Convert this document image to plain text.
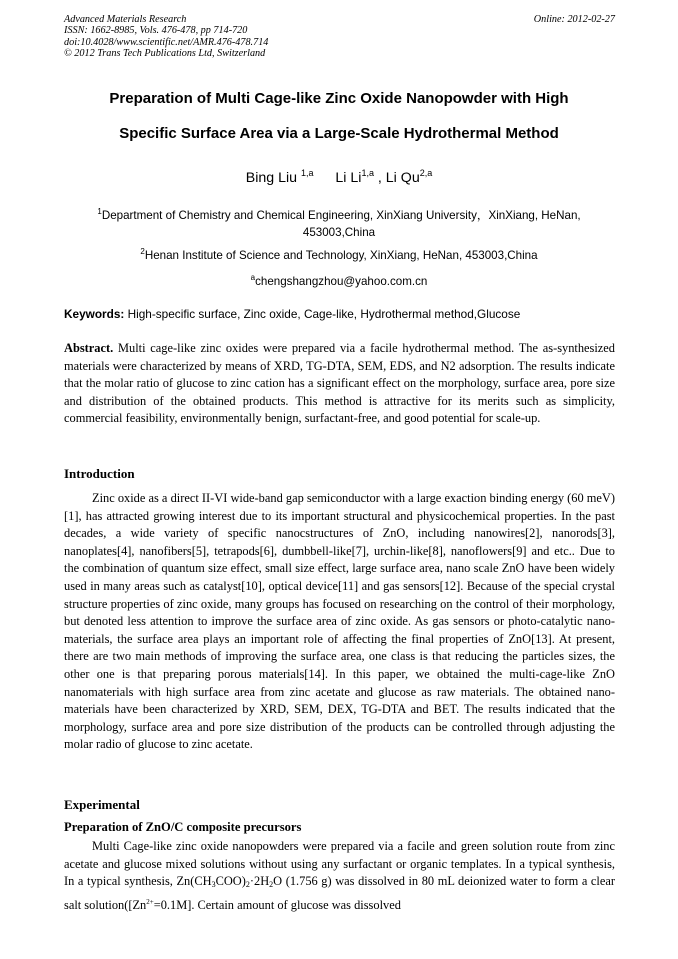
Advanced Materials Research
ISSN: 1662-8985, Vols. 476-478, pp 714-720
doi:10.4028/www.scientific.net/AMR.476-478.714
© 2012 Trans Tech Publications Ltd, Switzerland
Online: 2012-02-27
Preparation of Multi Cage-like Zinc Oxide Nanopowder with High
Specific Surface Area via a Large-Scale Hydrothermal Method
Bing Liu $^{1,a}$ Li Li$^{1,a}$ , Li Qu$^{2,a}$
$^1$Department of Chemistry and Chemical Engineering, XinXiang University，XinXiang, HeNan, 453003,China
$^2$Henan Institute of Science and Technology, XinXiang, HeNan, 453003,China
$^a$chengshangzhou@yahoo.com.cn
Keywords: High-specific surface, Zinc oxide, Cage-like, Hydrothermal method,Glucose
Abstract. Multi cage-like zinc oxides were prepared via a facile hydrothermal method. The as-synthesized materials were characterized by means of XRD, TG-DTA, SEM, EDS, and N2 adsorption. The results indicate that the molar ratio of glucose to zinc cation has a significant effect on the morphology, surface area, pore size and distribution of the obtained products. This method is attractive for its merits such as simplicity, commercial feasibility, environmentally benign, surfactant-free, and good potential for scale-up.
Introduction
Zinc oxide as a direct II-VI wide-band gap semiconductor with a large exaction binding energy (60 meV)[1], has attracted growing interest due to its important structural and physicochemical properties. In the past decades, a wide variety of specific nanocstructures of ZnO, including nanowires[2], nanorods[3], nanoplates[4], nanofibers[5], tetrapods[6], dumbbell-like[7], urchin-like[8], nanoflowers[9] and etc.. Due to the combination of quantum size effect, small size effect, large surface area, nano scale ZnO have been widely used in many areas such as catalyst[10], optical device[11] and gas sensors[12]. Because of the special crystal structure properties of zinc oxide, many groups has focused on researching on the control of their morphology, but denoted less attention to improve the surface area of zinc oxide. As gas sensors or photo-catalytic nano-materials, the surface area plays an important role of affecting the final properties of ZnO[13]. At present, there are two main methods of improving the surface area, one class is that reducing the particles sizes, the other one is that preparing porous materials[14]. In this paper, we obtained the multi-cage-like ZnO nanomaterials with high surface area from zinc acetate and glucose as raw materials. The obtained nano-materials have been characterized by XRD, SEM, DEX, TG-DTA and BET. The results indicated that the morphology, surface area and pore size distribution of the products can be controlled through adjusting the molar radio of glucose to zinc acetate.
Experimental
Preparation of ZnO/C composite precursors
Multi Cage-like zinc oxide nanopowders were prepared via a facile and green solution route from zinc acetate and glucose mixed solutions without using any surfactant or organic templates. In a typical synthesis, In a typical synthesis, $Zn(CH_3COO)_2\cdot 2H_2O$ (1.756 g) was dissolved in 80 mL deionized water to form a clear salt $solution([Zn^{2+}=0.1M]$. Certain amount of glucose was dissolved
